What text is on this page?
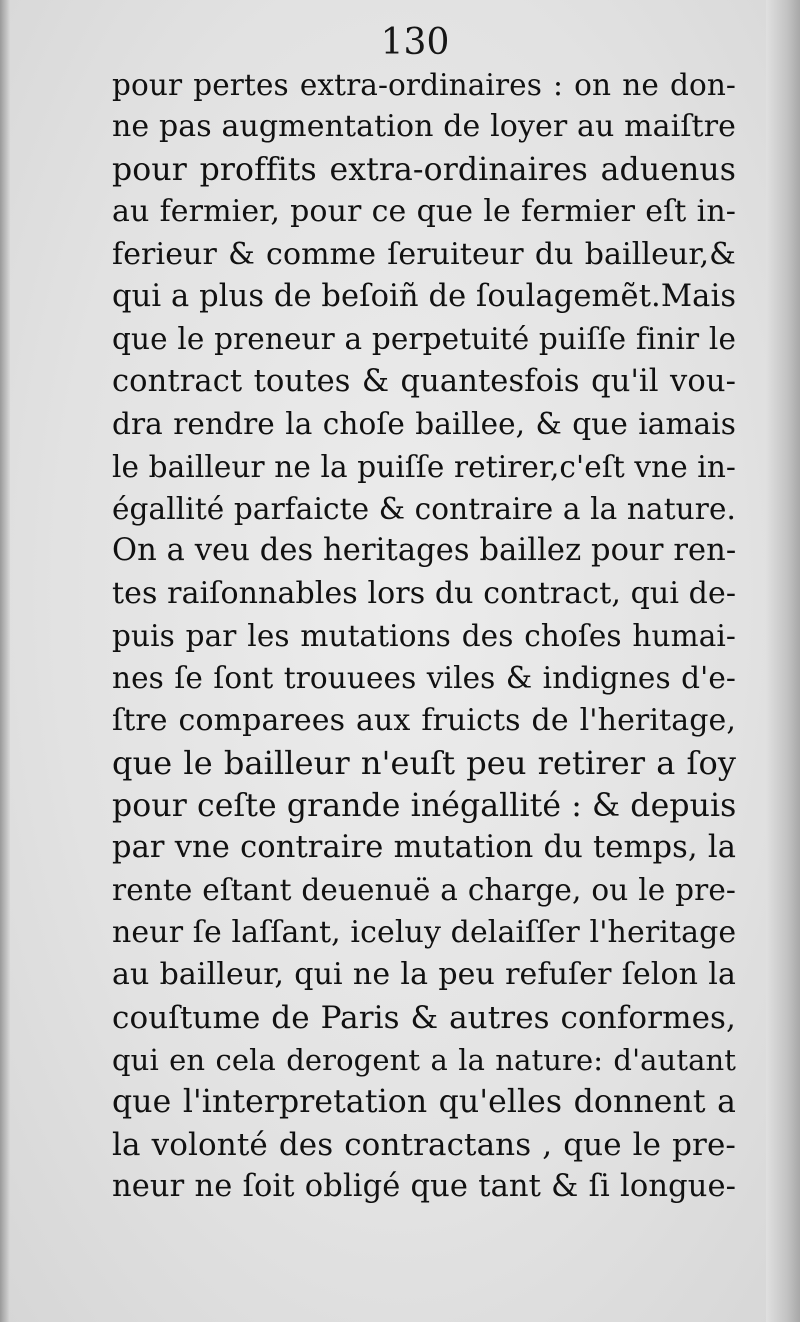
130
pour pertes extra-ordinaires : on ne don-
ne pas augmentation de loyer au maiſtre
pour proffits extra-ordinaires aduenus
au fermier, pour ce que le fermier eſt in-
ferieur & comme ſeruiteur du bailleur,&
qui a plus de beſoiñ de ſoulagemẽt.Mais
que le preneur a perpetuité puiſſe finir le
contract toutes & quantesfois qu'il vou-
dra rendre la choſe baillee, & que iamais
le bailleur ne la puiſſe retirer,c'eſt vne in-
égallité parfaicte & contraire a la nature.
On a veu des heritages baillez pour ren-
tes raiſonnables lors du contract, qui de-
puis par les mutations des choſes humai-
nes ſe ſont trouuees viles & indignes d'e-
ſtre comparees aux fruicts de l'heritage,
que le bailleur n'euſt peu retirer a ſoy
pour ceſte grande inégallité : & depuis
par vne contraire mutation du temps, la
rente eſtant deuenuë a charge, ou le pre-
neur ſe laſſant, iceluy delaiſſer l'heritage
au bailleur, qui ne la peu refuſer ſelon la
couſtume de Paris & autres conformes,
qui en cela derogent a la nature: d'autant
que l'interpretation qu'elles donnent a
la volonté des contractans , que le pre-
neur ne ſoit obligé que tant & ſi longue-
